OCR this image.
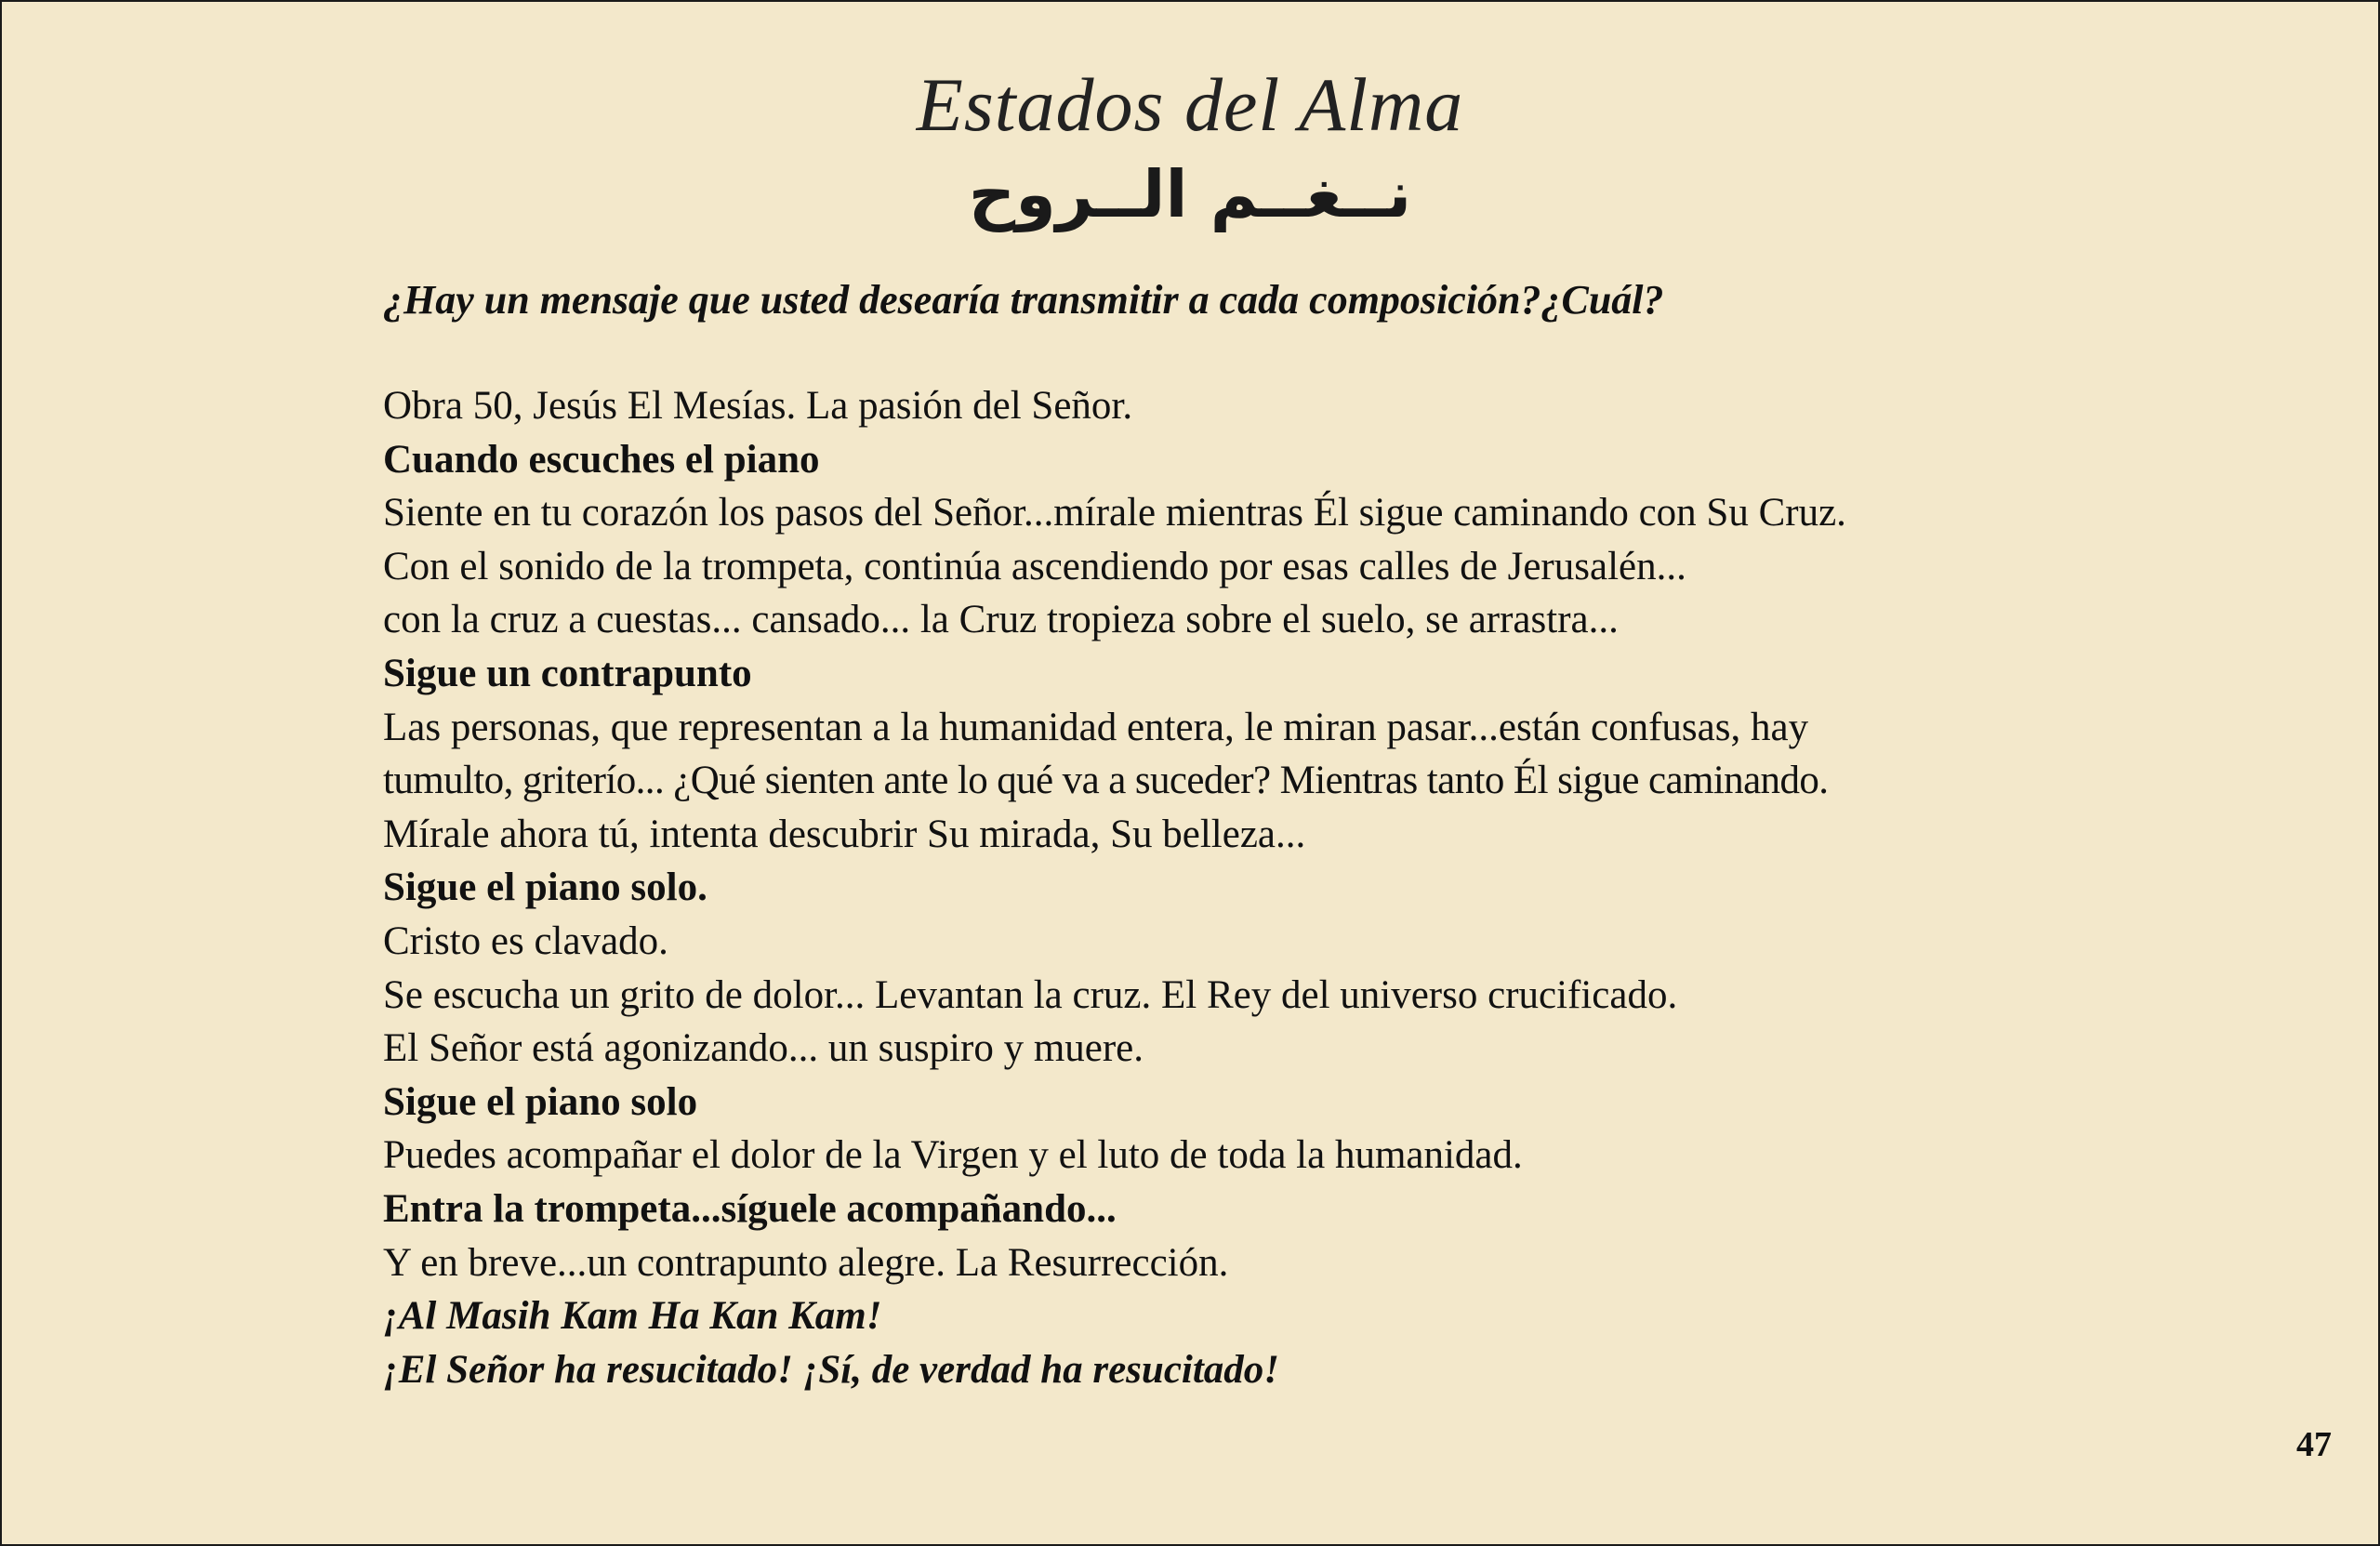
Estados del Alma
نــغــم الــروح
¿Hay un mensaje que usted desearía transmitir a cada composición?¿Cuál?
Obra 50, Jesús El Mesías. La pasión del Señor.
Cuando escuches el piano
Siente en tu corazón los pasos del Señor...mírale mientras Él sigue caminando con Su Cruz.
Con el sonido de la trompeta, continúa ascendiendo por esas calles de Jerusalén...
con la cruz a cuestas... cansado... la Cruz tropieza sobre el suelo, se arrastra...
Sigue un contrapunto
Las personas, que representan a la humanidad entera, le miran pasar...están confusas, hay
tumulto, griterío... ¿Qué sienten ante lo qué va a suceder? Mientras tanto Él sigue caminando.
Mírale ahora tú, intenta descubrir Su mirada, Su belleza...
Sigue el piano solo.
Cristo es clavado.
Se escucha un grito de dolor... Levantan la cruz. El Rey del universo crucificado.
El Señor está agonizando... un suspiro y muere.
Sigue el piano solo
Puedes acompañar el dolor de la Virgen y el luto de toda la humanidad.
Entra la trompeta...síguele acompañando...
Y en breve...un contrapunto alegre. La Resurrección.
¡Al Masih Kam Ha Kan Kam!
¡El Señor ha resucitado! ¡Sí, de verdad ha resucitado!
47
